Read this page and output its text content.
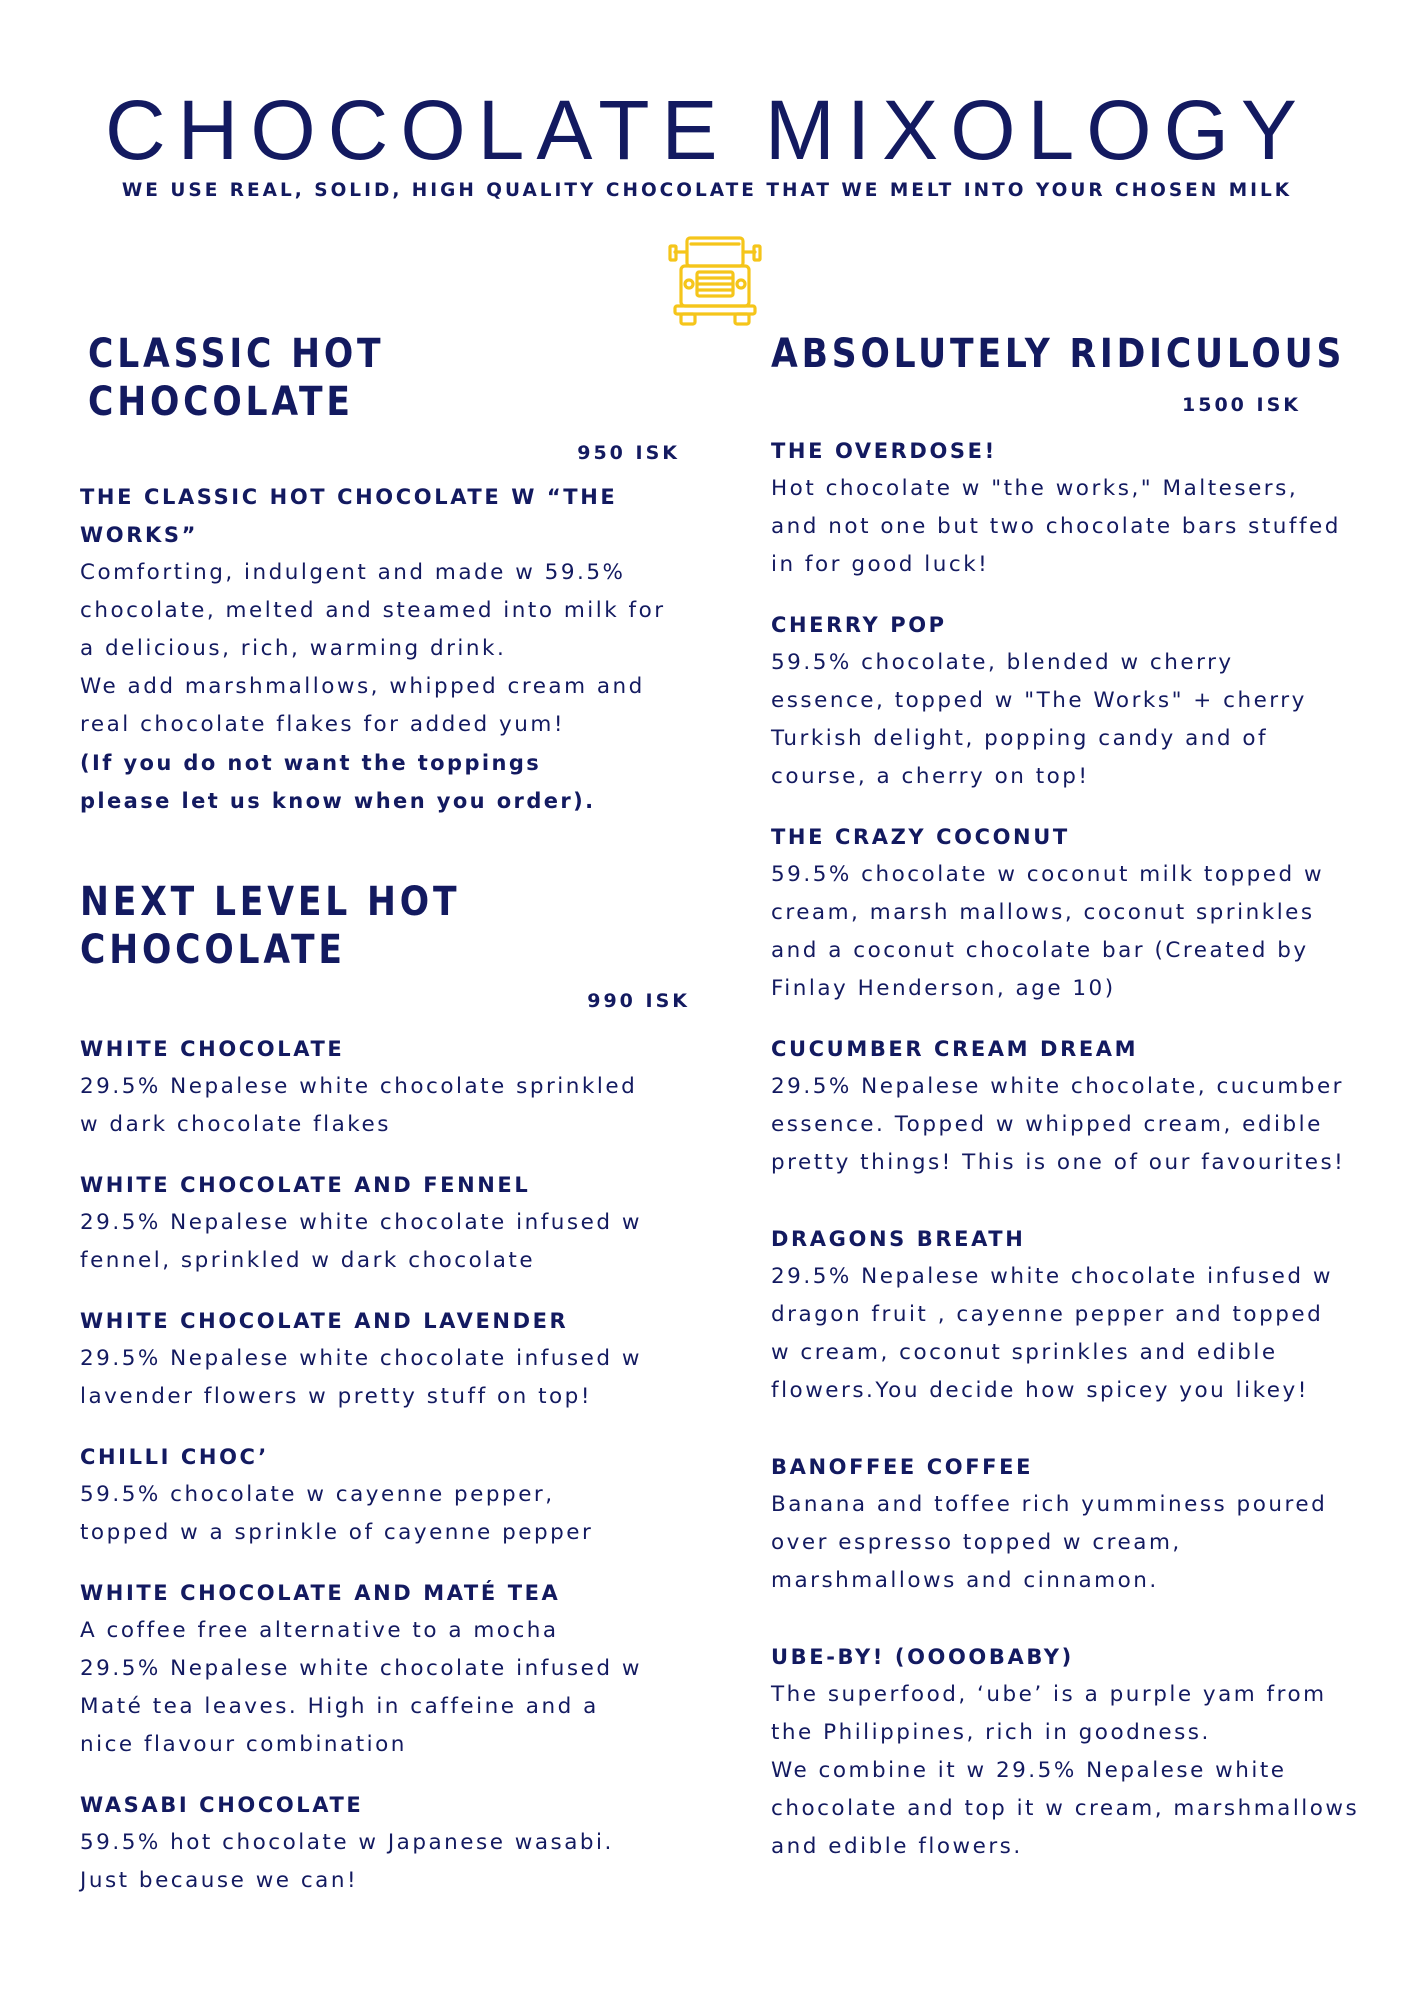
CHOCOLATE MIXOLOGY
WE USE REAL, SOLID, HIGH QUALITY CHOCOLATE THAT WE MELT INTO YOUR CHOSEN MILK
CLASSIC HOT CHOCOLATE
950 ISK
THE CLASSIC HOT CHOCOLATE W “THE WORKS”
Comforting, indulgent and made w 59.5% chocolate, melted and steamed into milk for a delicious, rich, warming drink.
We add marshmallows, whipped cream and real chocolate flakes for added yum!
(If you do not want the toppings please let us know when you order).
NEXT LEVEL HOT CHOCOLATE
990 ISK
WHITE CHOCOLATE
29.5% Nepalese white chocolate sprinkled w dark chocolate flakes
WHITE CHOCOLATE AND FENNEL
29.5% Nepalese white chocolate infused w fennel, sprinkled w dark chocolate
WHITE CHOCOLATE AND LAVENDER
29.5% Nepalese white chocolate infused w lavender flowers w pretty stuff on top!
CHILLI CHOC’
59.5% chocolate w cayenne pepper, topped w a sprinkle of cayenne pepper
WHITE CHOCOLATE AND MATÉ TEA
A coffee free alternative to a mocha
29.5% Nepalese white chocolate infused w Maté tea leaves. High in caffeine and a nice flavour combination
WASABI CHOCOLATE
59.5% hot chocolate w Japanese wasabi.
Just because we can!
ABSOLUTELY RIDICULOUS
1500 ISK
THE OVERDOSE!
Hot chocolate w "the works," Maltesers, and not one but two chocolate bars stuffed in for good luck!
CHERRY POP
59.5% chocolate, blended w cherry essence, topped w "The Works" + cherry Turkish delight, popping candy and of course, a cherry on top!
THE CRAZY COCONUT
59.5% chocolate w coconut milk topped w cream, marsh mallows, coconut sprinkles and a coconut chocolate bar (Created by Finlay Henderson, age 10)
CUCUMBER CREAM DREAM
29.5% Nepalese white chocolate, cucumber essence. Topped w whipped cream, edible pretty things! This is one of our favourites!
DRAGONS BREATH
29.5% Nepalese white chocolate infused w dragon fruit , cayenne pepper and topped w cream, coconut sprinkles and edible flowers.You decide how spicey you likey!
BANOFFEE COFFEE
Banana and toffee rich yumminess poured over espresso topped w cream, marshmallows and cinnamon.
UBE-BY! (OOOOBABY)
The superfood, ‘ube’ is a purple yam from the Philippines, rich in goodness.
We combine it w 29.5% Nepalese white chocolate and top it w cream, marshmallows and edible flowers.
